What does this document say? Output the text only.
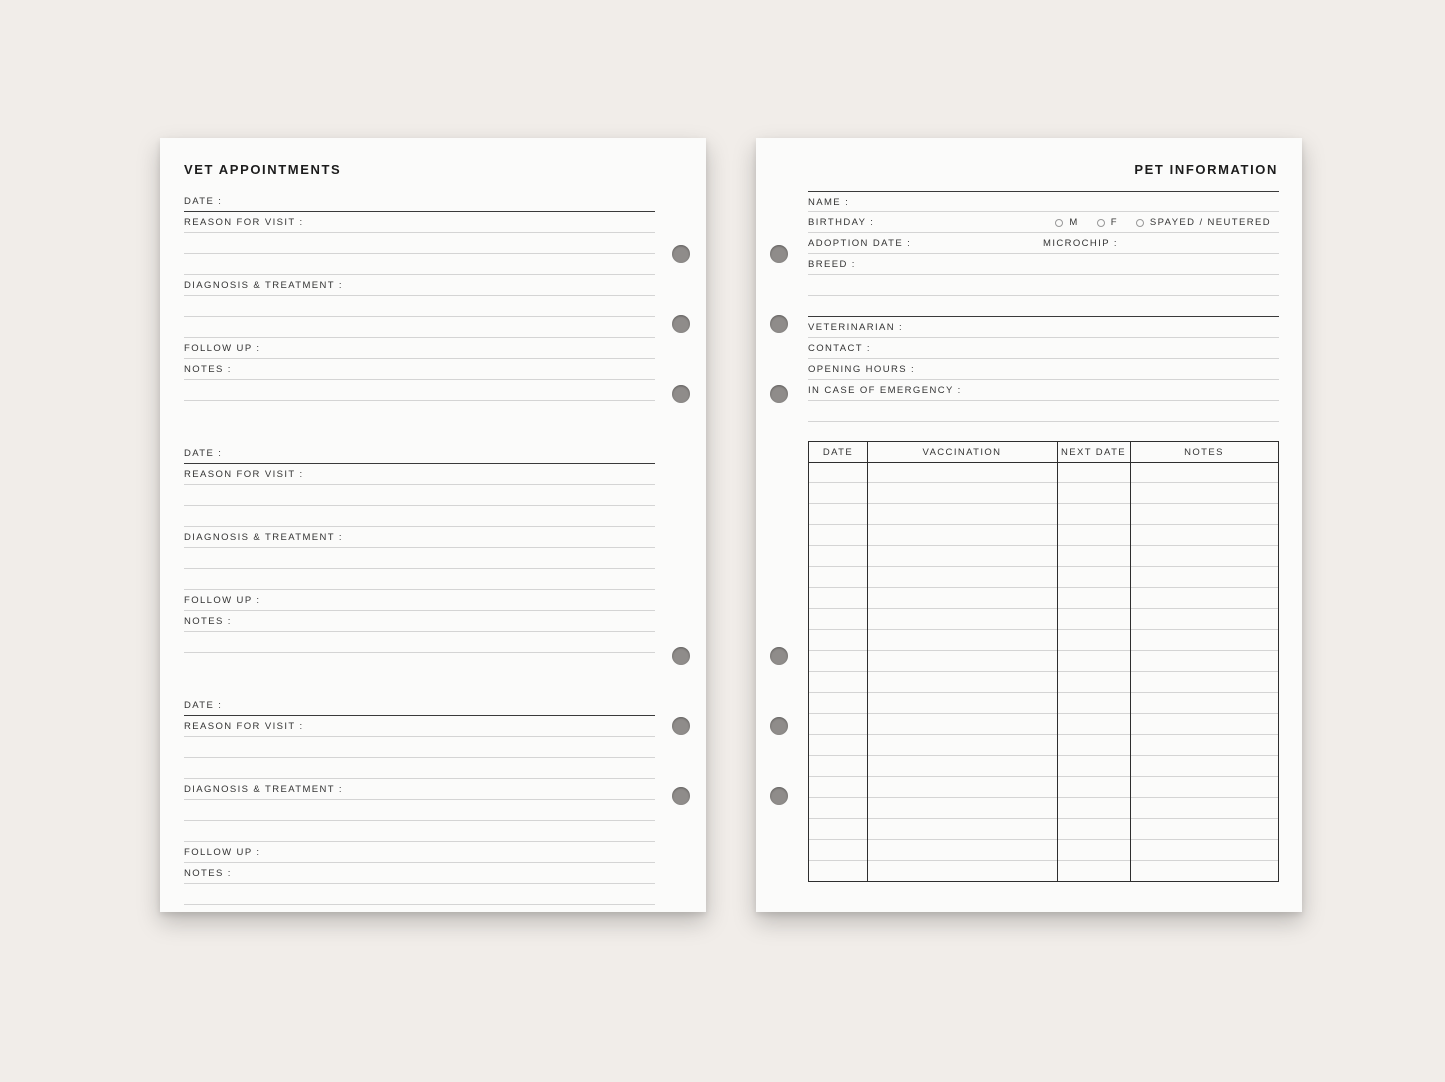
VET APPOINTMENTS
DATE :
REASON FOR VISIT :
DIAGNOSIS & TREATMENT :
FOLLOW UP :
NOTES :
DATE :
REASON FOR VISIT :
DIAGNOSIS & TREATMENT :
FOLLOW UP :
NOTES :
DATE :
REASON FOR VISIT :
DIAGNOSIS & TREATMENT :
FOLLOW UP :
NOTES :
PET INFORMATION
NAME :
BIRTHDAY :	M	F	SPAYED / NEUTERED
ADOPTION DATE :	MICROCHIP :
BREED :
VETERINARIAN :
CONTACT :
OPENING HOURS :
IN CASE OF EMERGENCY :
DATE	VACCINATION	NEXT DATE	NOTES
